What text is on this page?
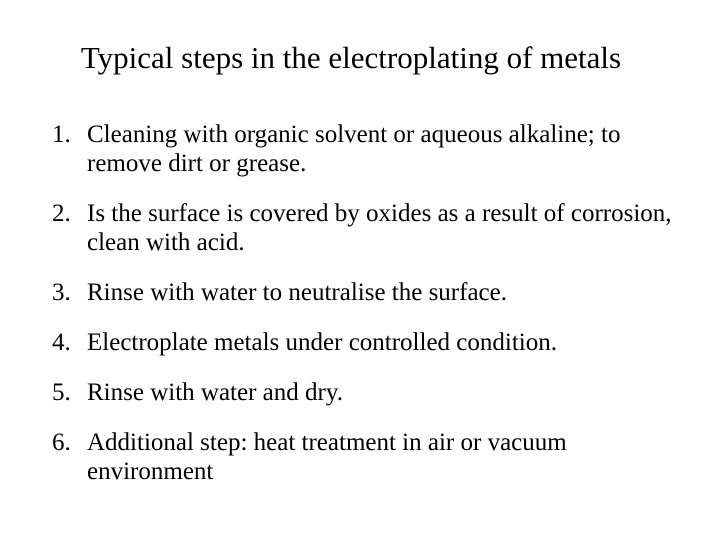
Typical steps in the electroplating of metals
1. Cleaning with organic solvent or aqueous alkaline; to remove dirt or grease.
2. Is the surface is covered by oxides as a result of corrosion, clean with acid.
3. Rinse with water to neutralise the surface.
4. Electroplate metals under controlled condition.
5. Rinse with water and dry.
6. Additional step: heat treatment in air or vacuum environment
